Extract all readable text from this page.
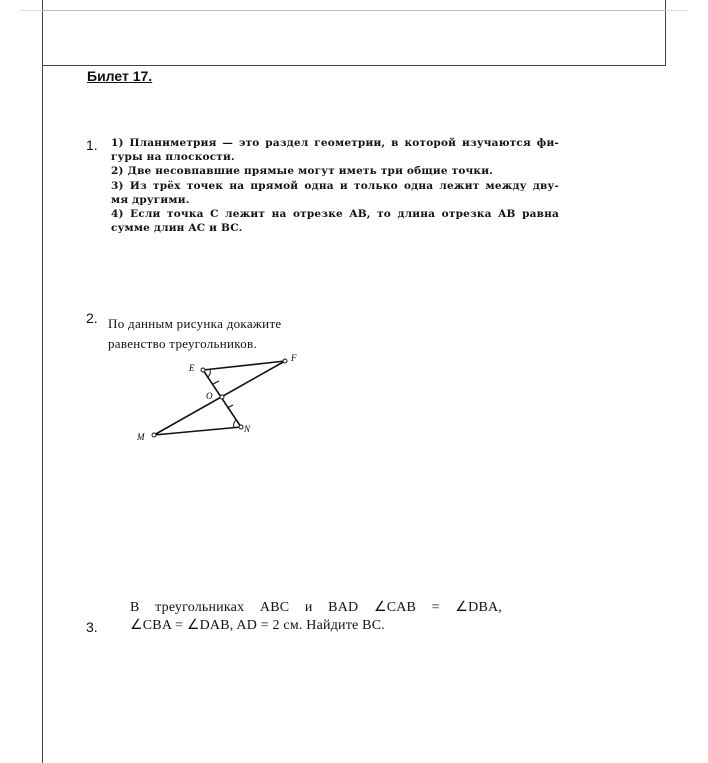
Билет 17.
1. 1) Планиметрия — это раздел геометрии, в которой изучаются фи-
гуры на плоскости.
2) Две несовпавшие прямые могут иметь три общие точки.
3) Из трёх точек на прямой одна и только одна лежит между дву-
мя другими.
4) Если точка C лежит на отрезке AB, то длина отрезка AB равна
сумме длин AC и BC.
2. По данным рисунка докажите
равенство треугольников.
E
F
O
M
N
3.
В треугольниках ABC и BAD ∠CAB = ∠DBA,
∠CBA = ∠DAB, AD = 2 см. Найдите BC.
